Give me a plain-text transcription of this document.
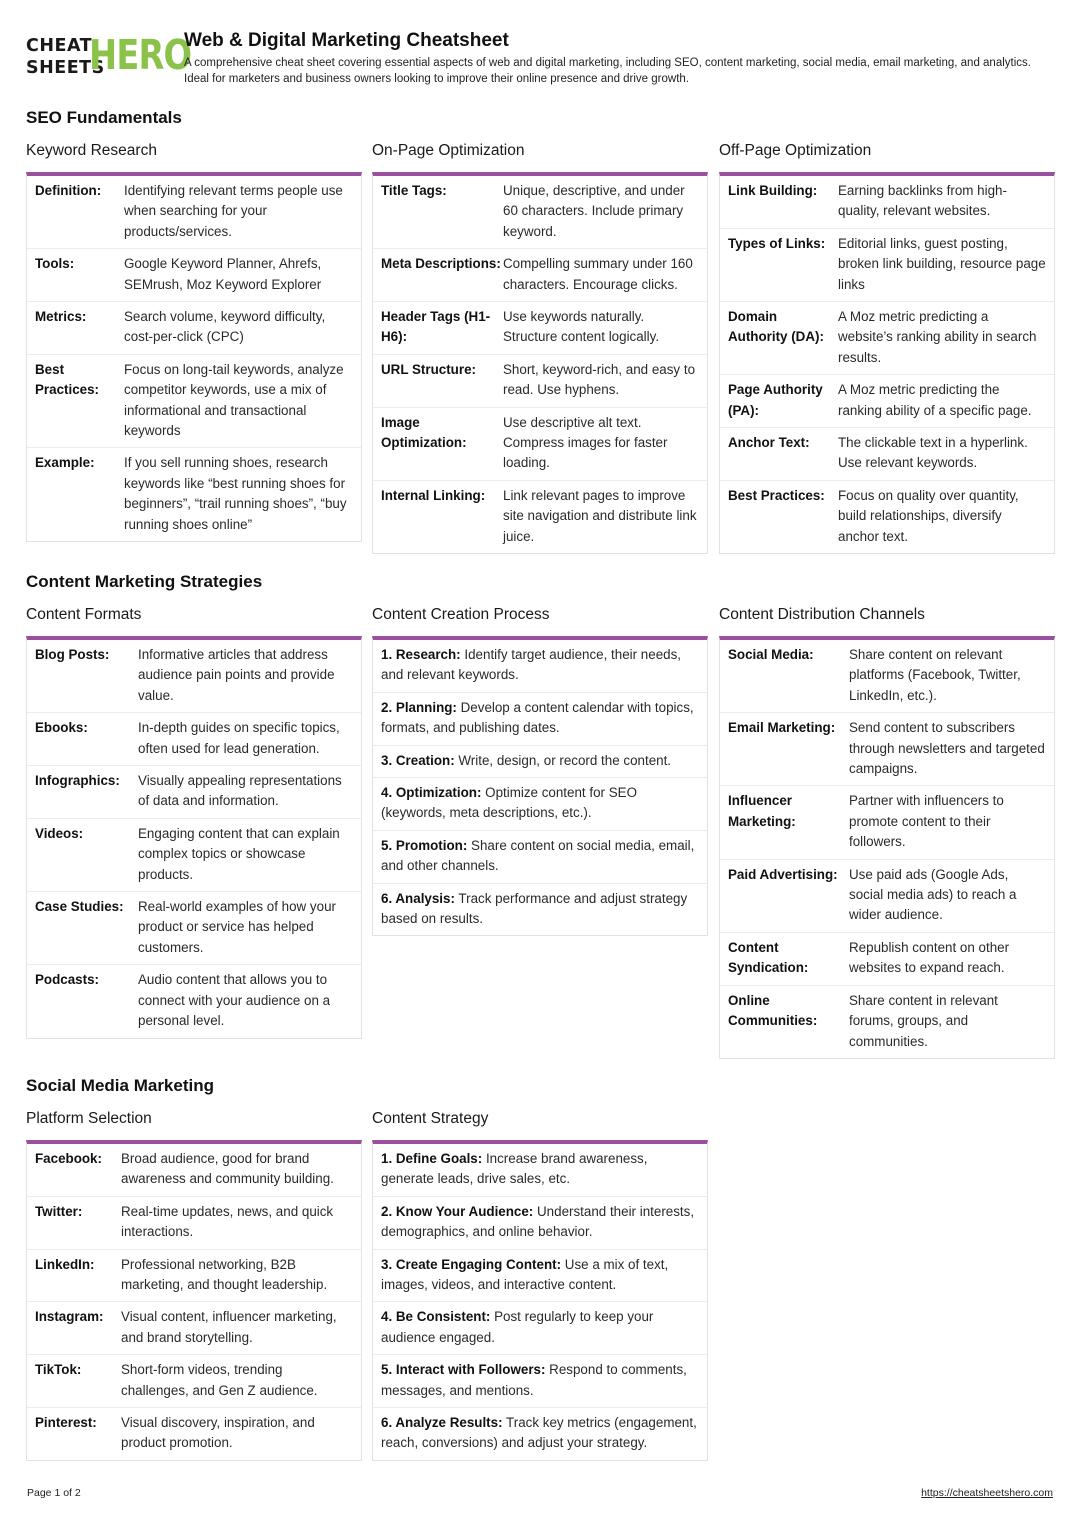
CHEAT
SHEETS
HERO
Web & Digital Marketing Cheatsheet
A comprehensive cheat sheet covering essential aspects of web and digital marketing, including SEO, content marketing, social media, email marketing, and analytics. Ideal for marketers and business owners looking to improve their online presence and drive growth.
SEO Fundamentals
Keyword Research
Definition:	Identifying relevant terms people use when searching for your products/services.
Tools:	Google Keyword Planner, Ahrefs, SEMrush, Moz Keyword Explorer
Metrics:	Search volume, keyword difficulty, cost-per-click (CPC)
Best Practices:
Focus on long-tail keywords, analyze competitor keywords, use a mix of informational and transactional keywords
Example:	If you sell running shoes, research keywords like “best running shoes for beginners”, “trail running shoes”, “buy running shoes online”
On-Page Optimization
Title Tags:	Unique, descriptive, and under 60 characters. Include primary keyword.
Meta Descriptions: Compelling summary under 160 characters. Encourage clicks.
Header Tags (H1-H6):
Use keywords naturally. Structure content logically.
URL Structure:	Short, keyword-rich, and easy to read. Use hyphens.
Image Optimization:
Use descriptive alt text. Compress images for faster loading.
Internal Linking:	Link relevant pages to improve site navigation and distribute link juice.
Off-Page Optimization
Link Building:	Earning backlinks from high-quality, relevant websites.
Types of Links: Editorial links, guest posting, broken link building, resource page links
Domain Authority (DA):
A Moz metric predicting a website’s ranking ability in search results.
Page Authority (PA):
A Moz metric predicting the ranking ability of a specific page.
Anchor Text:	The clickable text in a hyperlink. Use relevant keywords.
Best Practices: Focus on quality over quantity, build relationships, diversify anchor text.
Content Marketing Strategies
Content Formats
Blog Posts:	Informative articles that address audience pain points and provide value.
Ebooks:	In-depth guides on specific topics, often used for lead generation.
Infographics:	Visually appealing representations of data and information.
Videos:	Engaging content that can explain complex topics or showcase products.
Case Studies:	Real-world examples of how your product or service has helped customers.
Podcasts:	Audio content that allows you to connect with your audience on a personal level.
Content Creation Process
1. Research: Identify target audience, their needs, and relevant keywords.
2. Planning: Develop a content calendar with topics, formats, and publishing dates.
3. Creation: Write, design, or record the content.
4. Optimization: Optimize content for SEO (keywords, meta descriptions, etc.).
5. Promotion: Share content on social media, email, and other channels.
6. Analysis: Track performance and adjust strategy based on results.
Content Distribution Channels
Social Media:	Share content on relevant platforms (Facebook, Twitter, LinkedIn, etc.).
Email Marketing:	Send content to subscribers through newsletters and targeted campaigns.
Influencer Marketing:
Partner with influencers to promote content to their followers.
Paid Advertising: Use paid ads (Google Ads, social media ads) to reach a wider audience.
Content Syndication:
Republish content on other websites to expand reach.
Online Communities:
Share content in relevant forums, groups, and communities.
Social Media Marketing
Platform Selection
Facebook:	Broad audience, good for brand awareness and community building.
Twitter:	Real-time updates, news, and quick interactions.
LinkedIn:	Professional networking, B2B marketing, and thought leadership.
Instagram:	Visual content, influencer marketing, and brand storytelling.
TikTok:	Short-form videos, trending challenges, and Gen Z audience.
Pinterest:	Visual discovery, inspiration, and product promotion.
Content Strategy
1. Define Goals: Increase brand awareness, generate leads, drive sales, etc.
2. Know Your Audience: Understand their interests, demographics, and online behavior.
3. Create Engaging Content: Use a mix of text, images, videos, and interactive content.
4. Be Consistent: Post regularly to keep your audience engaged.
5. Interact with Followers: Respond to comments, messages, and mentions.
6. Analyze Results: Track key metrics (engagement, reach, conversions) and adjust your strategy.
Page 1 of 2	https://cheatsheetshero.com
